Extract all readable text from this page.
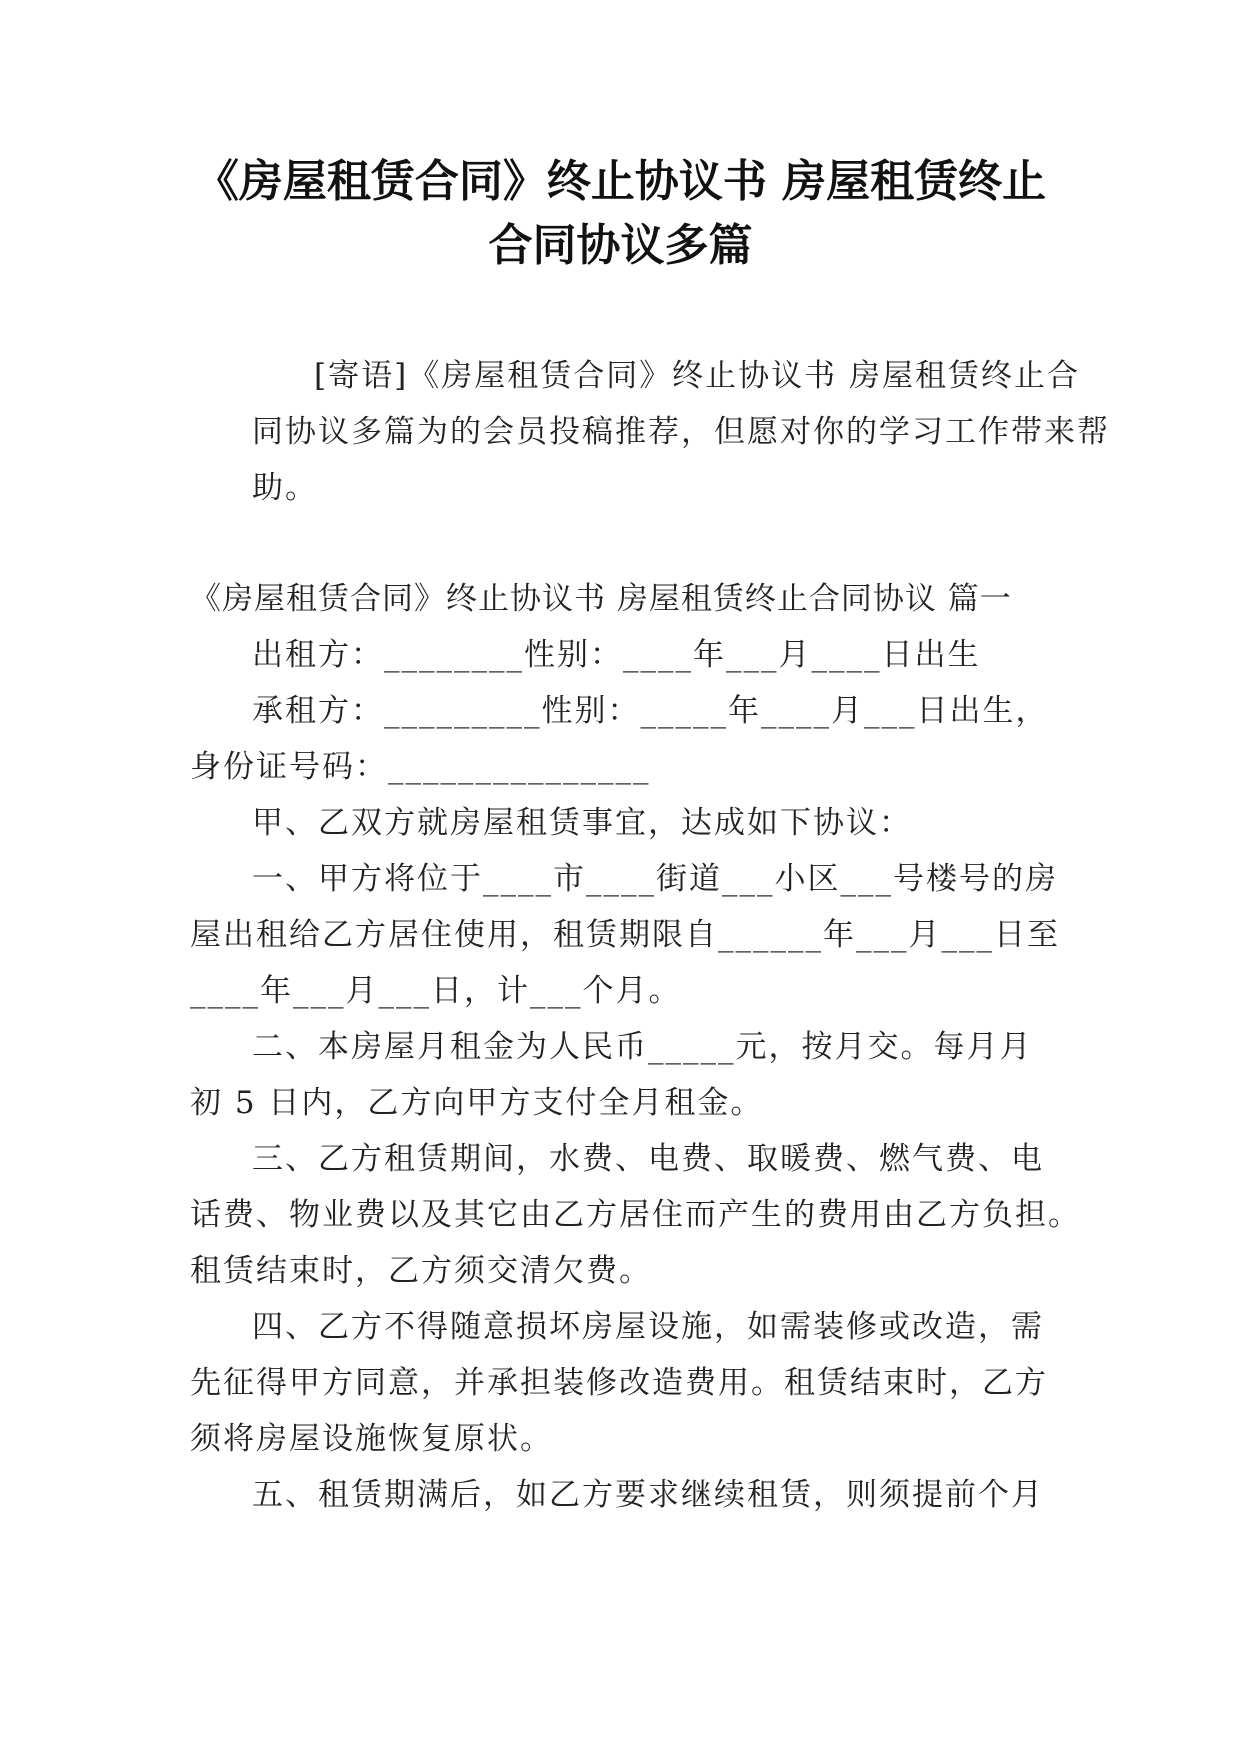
《房屋租赁合同》终止协议书 房屋租赁终止
合同协议多篇
[寄语]《房屋租赁合同》终止协议书 房屋租赁终止合
同协议多篇为的会员投稿推荐，但愿对你的学习工作带来帮
助。
《房屋租赁合同》终止协议书 房屋租赁终止合同协议 篇一
出租方：________性别：____年___月____日出生
承租方：_________性别：_____年____月___日出生，
身份证号码：_______________
甲、乙双方就房屋租赁事宜，达成如下协议：
一、甲方将位于____市____街道___小区___号楼号的房
屋出租给乙方居住使用，租赁期限自______年___月___日至
____年___月___日，计___个月。
二、本房屋月租金为人民币_____元，按月交。每月月
初 5 日内，乙方向甲方支付全月租金。
三、乙方租赁期间，水费、电费、取暖费、燃气费、电
话费、物业费以及其它由乙方居住而产生的费用由乙方负担。
租赁结束时，乙方须交清欠费。
四、乙方不得随意损坏房屋设施，如需装修或改造，需
先征得甲方同意，并承担装修改造费用。租赁结束时，乙方
须将房屋设施恢复原状。
五、租赁期满后，如乙方要求继续租赁，则须提前个月
